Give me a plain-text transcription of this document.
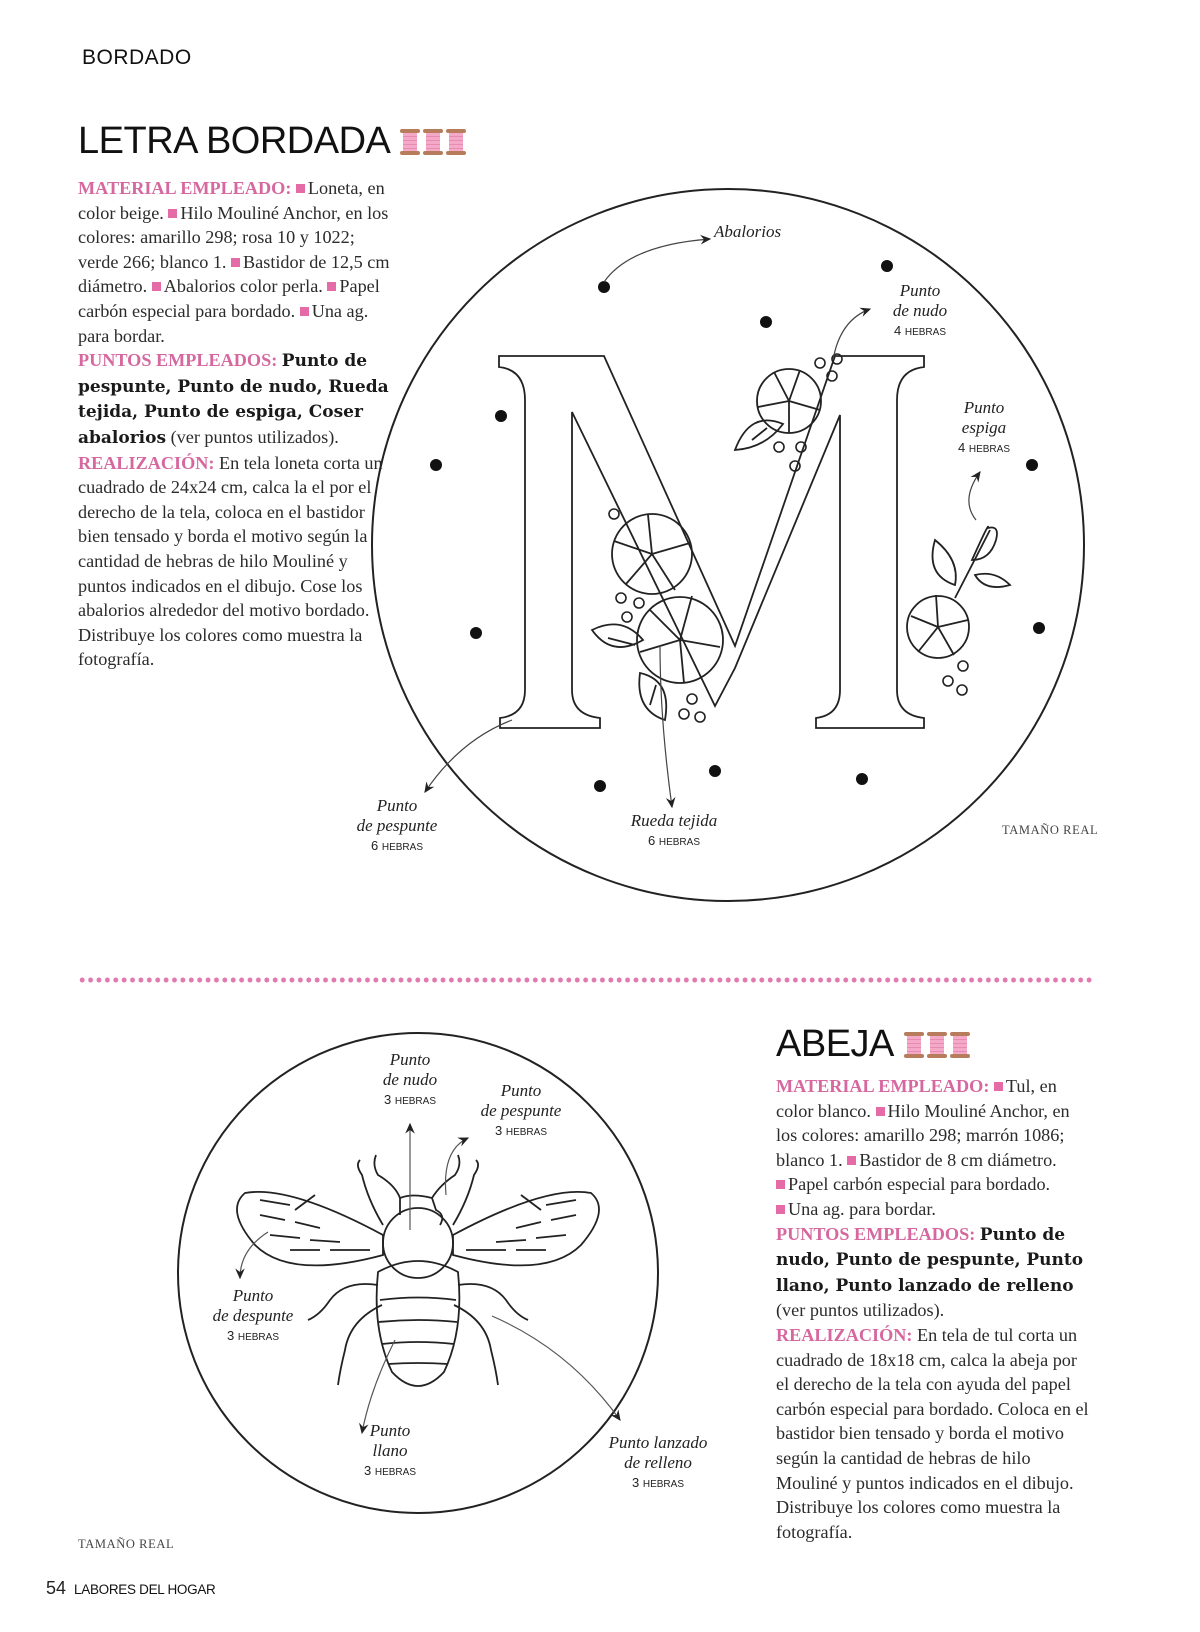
BORDADO
LETRA BORDADA
MATERIAL EMPLEADO: Loneta, en color beige. Hilo Mouliné Anchor, en los colores: amarillo 298; rosa 10 y 1022; verde 266; blanco 1. Bastidor de 12,5 cm diámetro. Abalorios color perla. Papel carbón especial para bordado. Una ag. para bordar.
PUNTOS EMPLEADOS: Punto de pespunte, Punto de nudo, Rueda tejida, Punto de espiga, Coser abalorios (ver puntos utilizados).
REALIZACIÓN: En tela loneta corta un cuadrado de 24x24 cm, calca la el por el derecho de la tela, coloca en el bastidor bien tensado y borda el motivo según la cantidad de hebras de hilo Mouliné y puntos indicados en el dibujo. Cose los abalorios alrededor del motivo bordado. Distribuye los colores como muestra la fotografía.
Abalorios
Punto
de nudo
4 HEBRAS
Punto
espiga
4 HEBRAS
Punto
de pespunte
6 HEBRAS
Rueda tejida
6 HEBRAS
TAMAÑO REAL
ABEJA
MATERIAL EMPLEADO: Tul, en color blanco. Hilo Mouliné Anchor, en los colores: amarillo 298; marrón 1086; blanco 1. Bastidor de 8 cm diámetro.
Papel carbón especial para bordado.
Una ag. para bordar.
PUNTOS EMPLEADOS: Punto de nudo, Punto de pespunte, Punto llano, Punto lanzado de relleno (ver puntos utilizados).
REALIZACIÓN: En tela de tul corta un cuadrado de 18x18 cm, calca la abeja por el derecho de la tela con ayuda del papel carbón especial para bordado. Coloca en el bastidor bien tensado y borda el motivo según la cantidad de hebras de hilo Mouliné y puntos indicados en el dibujo. Distribuye los colores como muestra la fotografía.
Punto
de nudo
3 HEBRAS
Punto
de pespunte
3 HEBRAS
Punto
de despunte
3 HEBRAS
Punto
llano
3 HEBRAS
Punto lanzado
de relleno
3 HEBRAS
TAMAÑO REAL
54 LABORES DEL HOGAR
